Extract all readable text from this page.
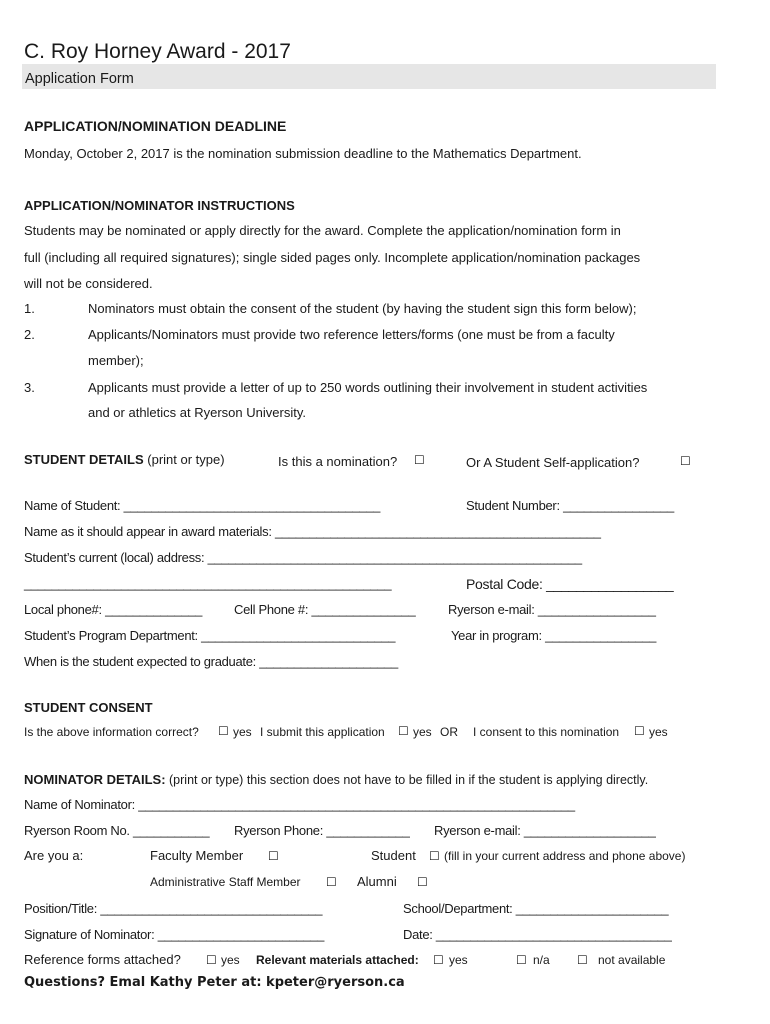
C. Roy Horney Award - 2017
Application Form
APPLICATION/NOMINATION DEADLINE
Monday, October 2, 2017 is the nomination submission deadline to the Mathematics Department.
APPLICATION/NOMINATOR INSTRUCTIONS
Students may be nominated or apply directly for the award. Complete the application/nomination form in
full (including all required signatures); single sided pages only. Incomplete application/nomination packages
will not be considered.
1.	Nominators must obtain the consent of the student (by having the student sign this form below);
2.	Applicants/Nominators must provide two reference letters/forms (one must be from a faculty
member);
3.	Applicants must provide a letter of up to 250 words outlining their involvement in student activities
and or athletics at Ryerson University.
STUDENT DETAILS (print or type)	Is this a nomination? ☐	Or A Student Self-application?	☐
Name of Student: _____________________________________	Student Number: ________________
Name as it should appear in award materials: _______________________________________________
Student’s current (local) address: ______________________________________________________
_____________________________________________________	Postal Code: _________________
Local phone#: ______________ Cell Phone #: _______________	Ryerson e-mail: _________________
Student’s Program Department: ____________________________	Year in program: ________________
When is the student expected to graduate: ____________________
STUDENT CONSENT
Is the above information correct? ☐ yes I submit this application ☐ yes OR I consent to this nomination ☐ yes
NOMINATOR DETAILS: (print or type) this section does not have to be filled in if the student is applying directly.
Name of Nominator: _______________________________________________________________
Ryerson Room No. ___________ Ryerson Phone: ____________ Ryerson e-mail: ___________________
Are you a:	Faculty Member ☐	Student ☐ (fill in your current address and phone above)
Administrative Staff Member ☐ Alumni ☐
Position/Title: ________________________________	School/Department: ______________________
Signature of Nominator: ________________________	Date: __________________________________
Reference forms attached? ☐ yes Relevant materials attached: ☐ yes	☐ n/a ☐ not available
Questions? Emal Kathy Peter at: kpeter@ryerson.ca
